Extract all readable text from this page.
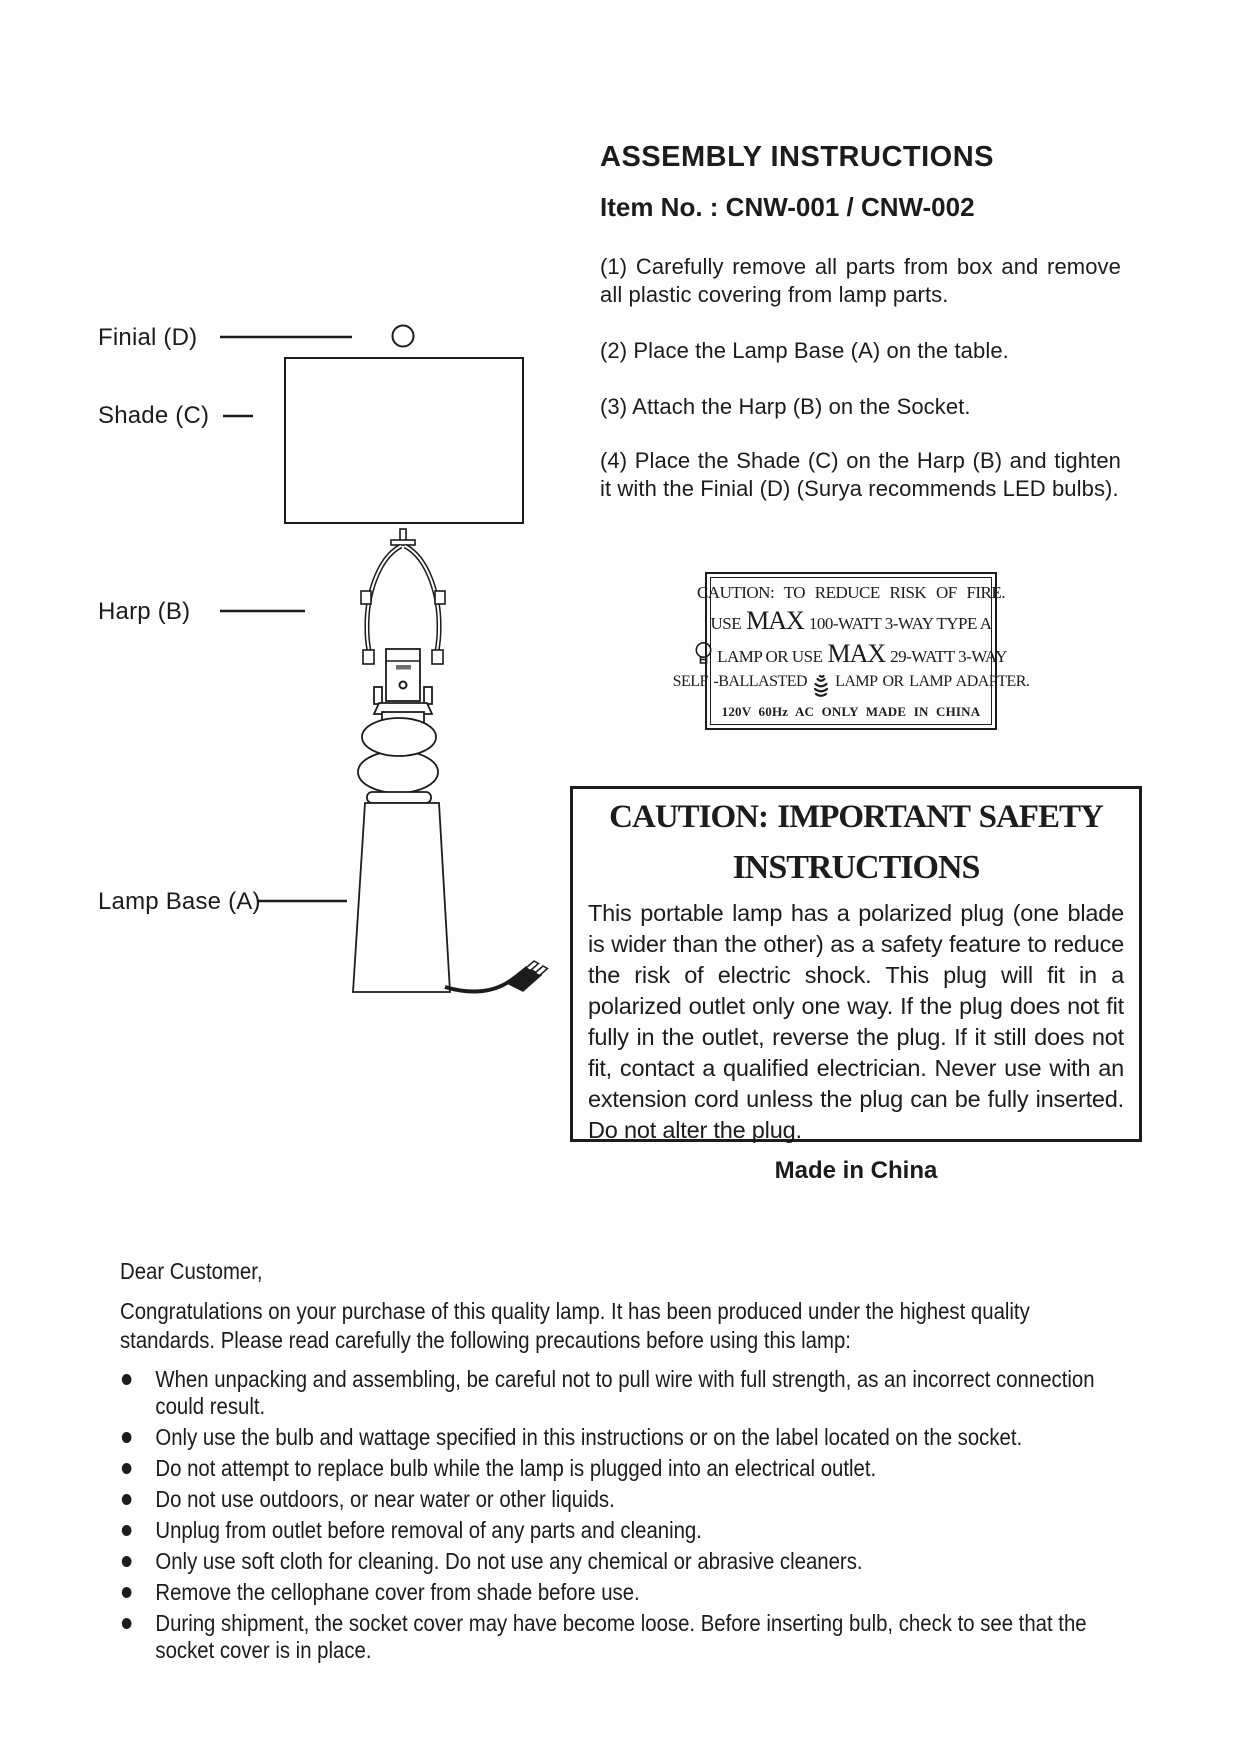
ASSEMBLY INSTRUCTIONS
Item No. : CNW-001 / CNW-002

(1) Carefully remove all parts from box and remove all plastic covering from lamp parts.

(2) Place the Lamp Base (A) on the table.

(3) Attach the Harp (B) on the Socket.

(4) Place the Shade (C) on the Harp (B) and tighten it with the Finial (D) (Surya recommends LED bulbs).

Finial (D)
Shade (C)
Harp (B)
Lamp Base (A)
CAUTION: TO REDUCE RISK OF FIRE.
USE MAX 100-WATT 3-WAY TYPE A
LAMP OR USE MAX 29-WATT 3-WAY
SELF -BALLASTED LAMP OR LAMP ADAPTER.
120V 60Hz AC ONLY MADE IN CHINA
CAUTION: IMPORTANT SAFETY
INSTRUCTIONS

This portable lamp has a polarized plug (one blade is wider than the other) as a safety feature to reduce the risk of electric shock. This plug will fit in a polarized outlet only one way. If the plug does not fit fully in the outlet, reverse the plug. If it still does not fit, contact a qualified electrician. Never use with an extension cord unless the plug can be fully inserted. Do not alter the plug.

Made in China
Dear Customer,

Congratulations on your purchase of this quality lamp. It has been produced under the highest quality standards. Please read carefully the following precautions before using this lamp:

When unpacking and assembling, be careful not to pull wire with full strength, as an incorrect connection could result.
Only use the bulb and wattage specified in this instructions or on the label located on the socket.
Do not attempt to replace bulb while the lamp is plugged into an electrical outlet.
Do not use outdoors, or near water or other liquids.
Unplug from outlet before removal of any parts and cleaning.
Only use soft cloth for cleaning. Do not use any chemical or abrasive cleaners.
Remove the cellophane cover from shade before use.
During shipment, the socket cover may have become loose. Before inserting bulb, check to see that the socket cover is in place.
